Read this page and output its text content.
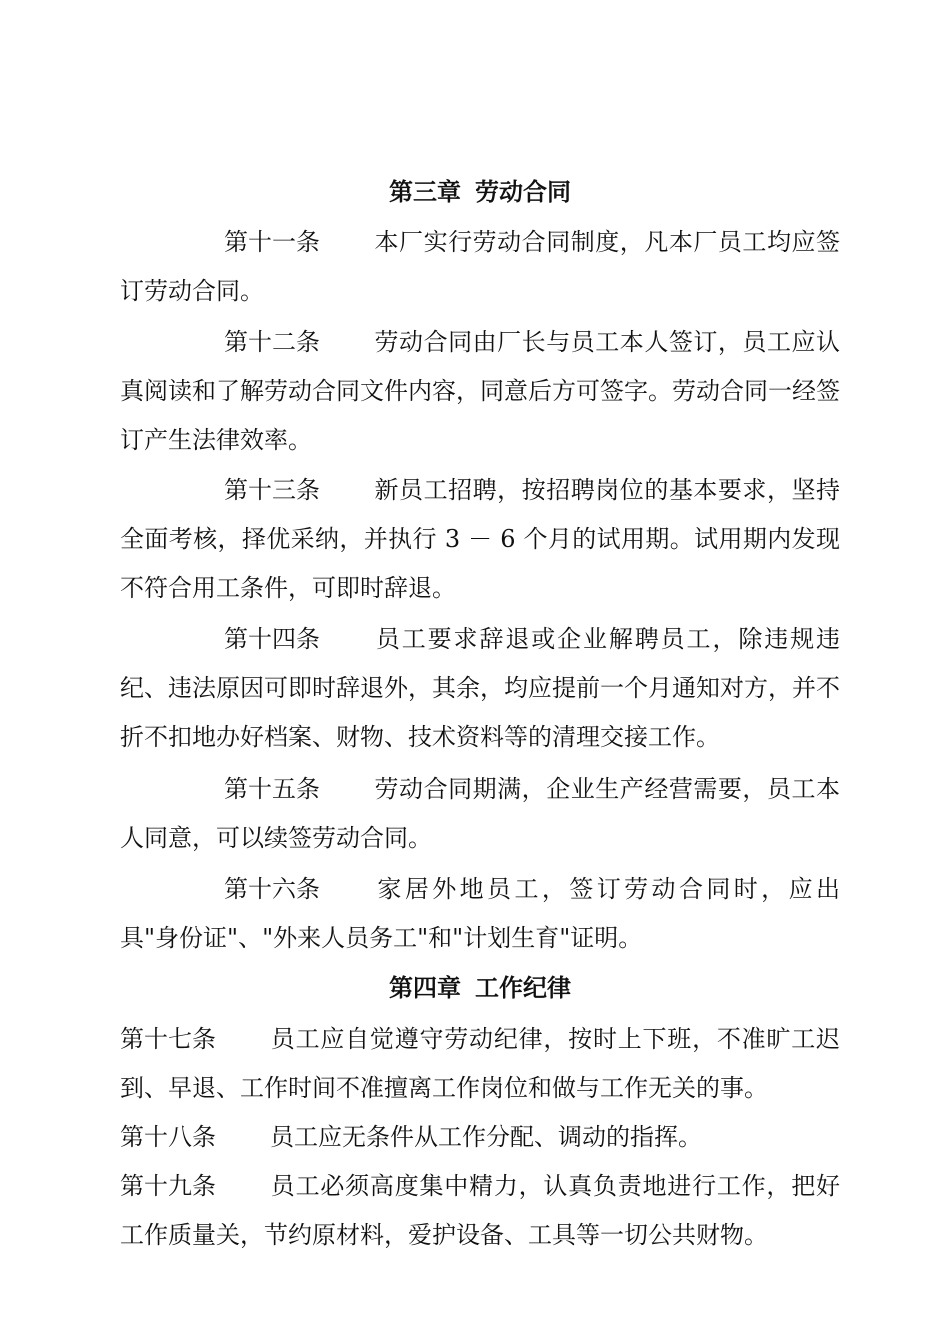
第三章 劳动合同
第十一条 本厂实行劳动合同制度，凡本厂员工均应签订劳动合同。
第十二条 劳动合同由厂长与员工本人签订，员工应认真阅读和了解劳动合同文件内容，同意后方可签字。劳动合同一经签订产生法律效率。
第十三条 新员工招聘，按招聘岗位的基本要求，坚持全面考核，择优采纳，并执行 3 － 6 个月的试用期。试用期内发现不符合用工条件，可即时辞退。
第十四条 员工要求辞退或企业解聘员工，除违规违纪、违法原因可即时辞退外，其余，均应提前一个月通知对方，并不折不扣地办好档案、财物、技术资料等的清理交接工作。
第十五条 劳动合同期满，企业生产经营需要，员工本人同意，可以续签劳动合同。
第十六条 家居外地员工，签订劳动合同时，应出具"身份证"、"外来人员务工"和"计划生育"证明。
第四章 工作纪律
第十七条 员工应自觉遵守劳动纪律，按时上下班，不准旷工迟到、早退、工作时间不准擅离工作岗位和做与工作无关的事。
第十八条 员工应无条件从工作分配、调动的指挥。
第十九条 员工必须高度集中精力，认真负责地进行工作，把好工作质量关，节约原材料，爱护设备、工具等一切公共财物。
